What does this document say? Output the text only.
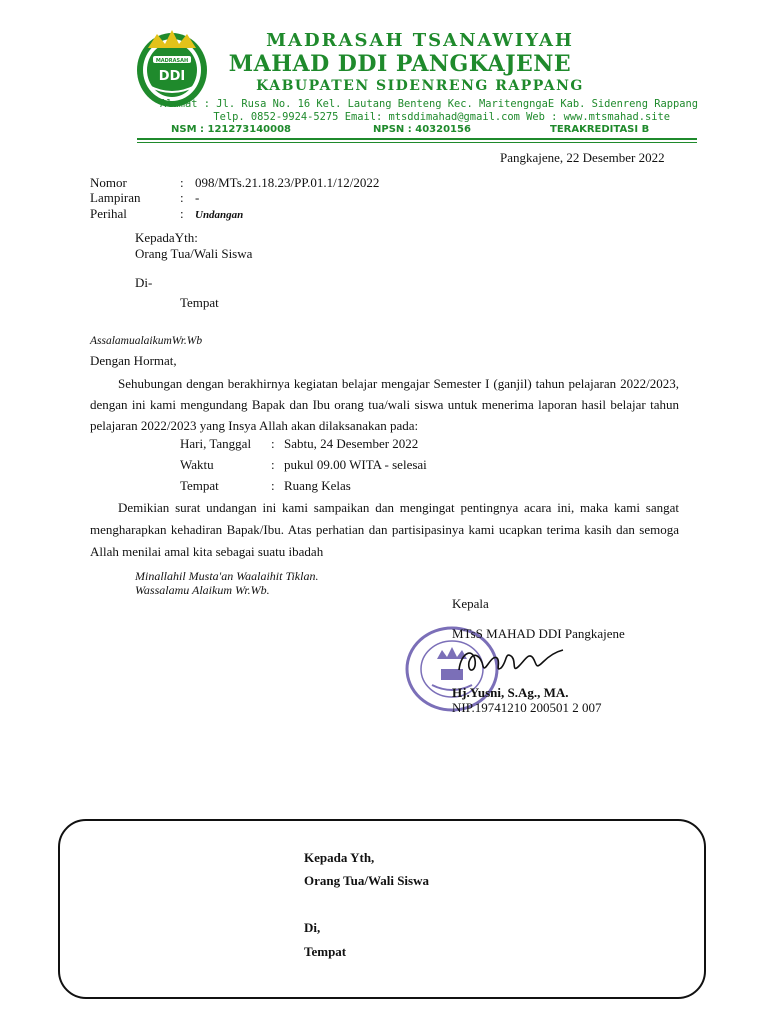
MADRASAH
DDI
MADRASAH TSANAWIYAH
MAHAD DDI PANGKAJENE
KABUPATEN SIDENRENG RAPPANG
Alamat : Jl. Rusa No. 16 Kel. Lautang Benteng Kec. MaritengngaE Kab. Sidenreng Rappang
Telp. 0852-9924-5275 Email: mtsddimahad@gmail.com Web : www.mtsmahad.site
NSM : 121273140008	NPSN : 40320156	TERAKREDITASI B
Pangkajene, 22 Desember 2022
Nomor	: 098/MTs.21.18.23/PP.01.1/12/2022
Lampiran	: -
Perihal	: Undangan
KepadaYth:
Orang Tua/Wali Siswa
Di-
Tempat
AssalamualaikumWr.Wb
Dengan Hormat,
Sehubungan dengan berakhirnya kegiatan belajar mengajar Semester I (ganjil) tahun pelajaran 2022/2023, dengan ini kami mengundang Bapak dan Ibu orang tua/wali siswa untuk menerima laporan hasil belajar tahun pelajaran 2022/2023 yang Insya Allah akan dilaksanakan pada:
Hari, Tanggal : Sabtu, 24 Desember 2022
Waktu	: pukul 09.00 WITA - selesai
Tempat	: Ruang Kelas
Demikian surat undangan ini kami sampaikan dan mengingat pentingnya acara ini, maka kami sangat mengharapkan kehadiran Bapak/Ibu. Atas perhatian dan partisipasinya kami ucapkan terima kasih dan semoga Allah menilai amal kita sebagai suatu ibadah
Minallahil Musta'an Waalaihit Tiklan.
Wassalamu Alaikum Wr.Wb.
Kepala
MTsS MAHAD DDI Pangkajene
Hj.Yusni, S.Ag., MA.
NIP.19741210 200501 2 007
Kepada Yth,
Orang Tua/Wali Siswa
Di,
Tempat
